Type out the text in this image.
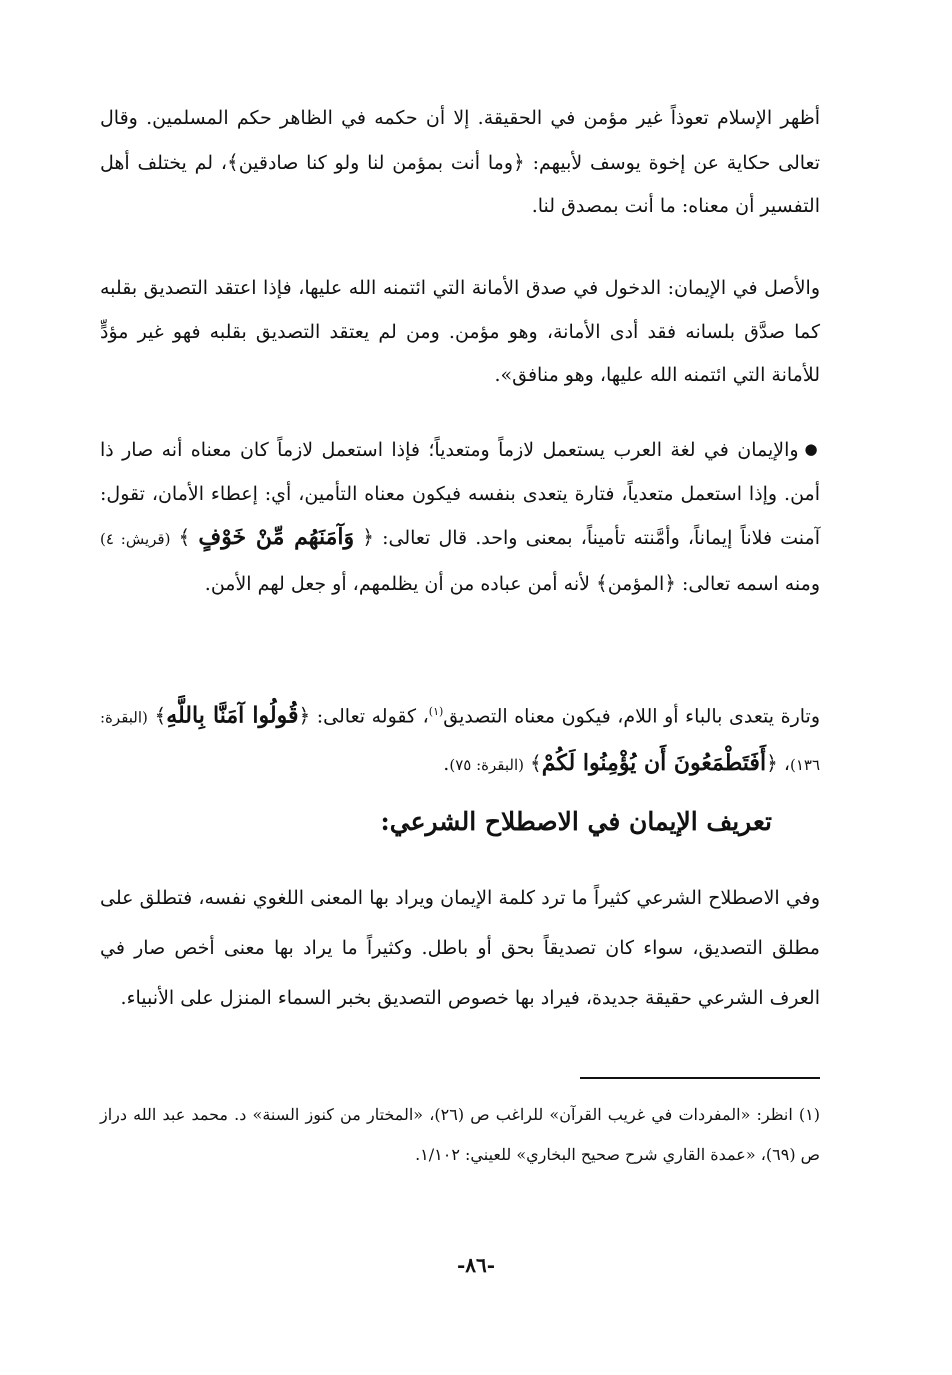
أظهر الإسلام تعوذاً غير مؤمن في الحقيقة. إلا أن حكمه في الظاهر حكم المسلمين. وقال تعالى حكاية عن إخوة يوسف لأبيهم: ﴿وما أنت بمؤمن لنا ولو كنا صادقين﴾، لم يختلف أهل التفسير أن معناه: ما أنت بمصدق لنا.

والأصل في الإيمان: الدخول في صدق الأمانة التي ائتمنه الله عليها، فإذا اعتقد التصديق بقلبه كما صدَّق بلسانه فقد أدى الأمانة، وهو مؤمن. ومن لم يعتقد التصديق بقلبه فهو غير مؤدٍّ للأمانة التي ائتمنه الله عليها، وهو منافق».

●والإيمان في لغة العرب يستعمل لازماً ومتعدياً؛ فإذا استعمل لازماً كان معناه أنه صار ذا أمن. وإذا استعمل متعدياً، فتارة يتعدى بنفسه فيكون معناه التأمين، أي: إعطاء الأمان، تقول: آمنت فلاناً إيماناً، وأمَّنته تأميناً، بمعنى واحد. قال تعالى: ﴿ وَآمَنَهُم مِّنْ خَوْفٍ ﴾ (قريش: ٤) ومنه اسمه تعالى: ﴿المؤمن﴾ لأنه أمن عباده من أن يظلمهم، أو جعل لهم الأمن.

وتارة يتعدى بالباء أو اللام، فيكون معناه التصديق$^{(١)}$، كقوله تعالى: ﴿قُولُوا آمَنَّا بِاللَّهِ﴾ (البقرة: ١٣٦)، ﴿أَفَتَطْمَعُونَ أَن يُؤْمِنُوا لَكُمْ﴾ (البقرة: ٧٥).

تعريف الإيمان في الاصطلاح الشرعي:

وفي الاصطلاح الشرعي كثيراً ما ترد كلمة الإيمان ويراد بها المعنى اللغوي نفسه، فتطلق على مطلق التصديق، سواء كان تصديقاً بحق أو باطل. وكثيراً ما يراد بها معنى أخص صار في العرف الشرعي حقيقة جديدة، فيراد بها خصوص التصديق بخبر السماء المنزل على الأنبياء.

(١) انظر: «المفردات في غريب القرآن» للراغب ص (٢٦)، «المختار من كنوز السنة» د. محمد عبد الله دراز ص (٦٩)، «عمدة القاري شرح صحيح البخاري» للعيني: ١/١٠٢.

-٨٦-
